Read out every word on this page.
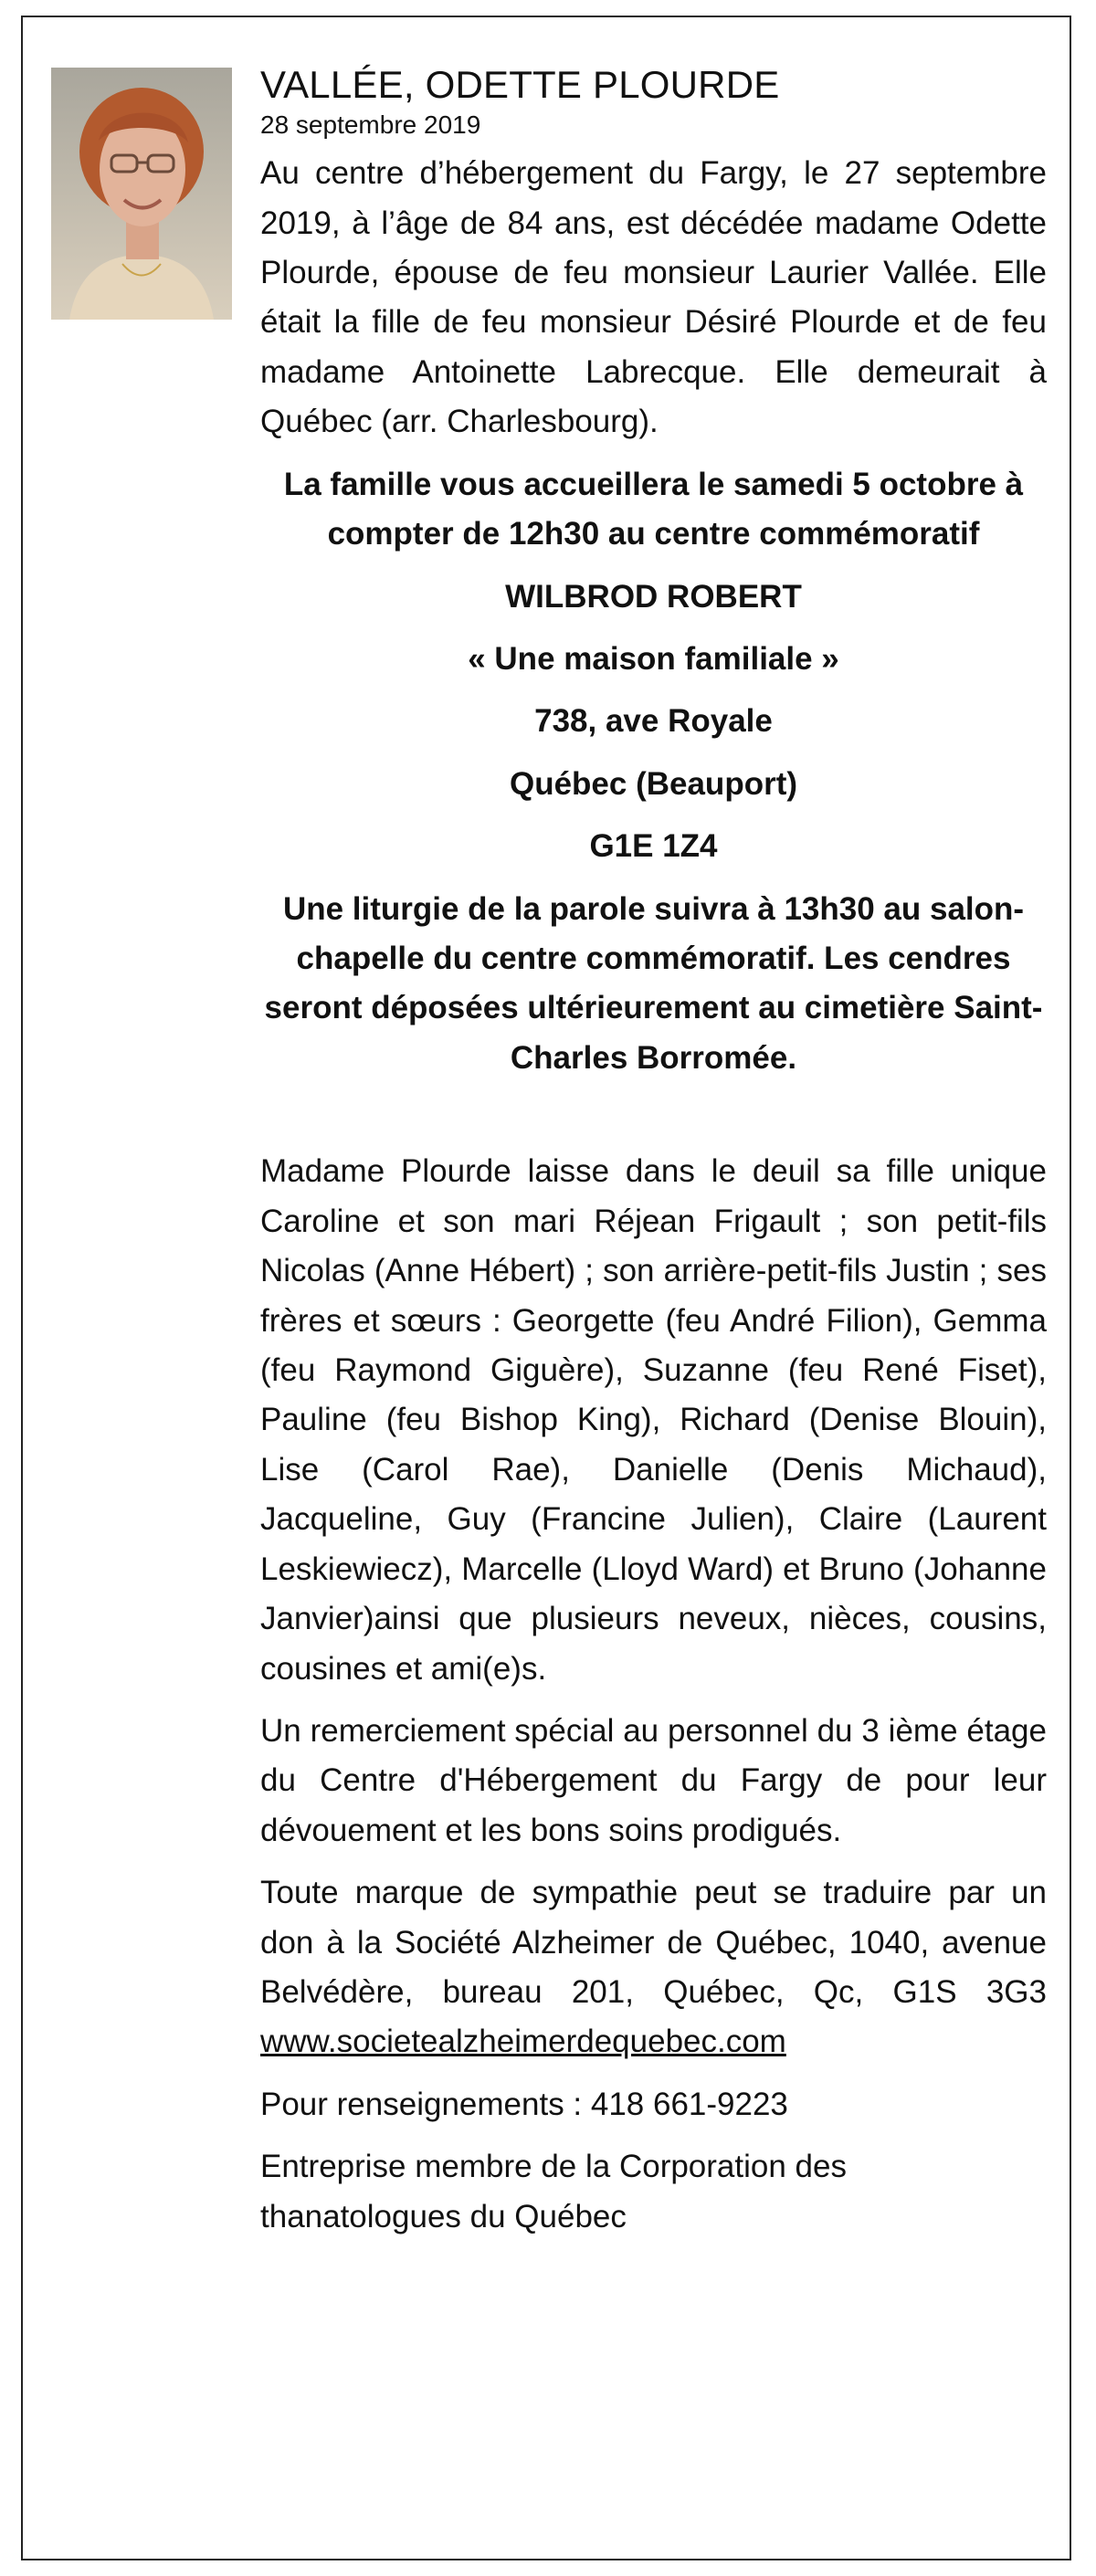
VALLÉE, ODETTE PLOURDE
28 septembre 2019

Au centre d’hébergement du Fargy, le 27 septembre 2019, à l’âge de 84 ans, est décédée madame Odette Plourde, épouse de feu monsieur Laurier Vallée. Elle était la fille de feu monsieur Désiré Plourde et de feu madame Antoinette Labrecque. Elle demeurait à Québec (arr. Charlesbourg).

La famille vous accueillera le samedi 5 octobre à compter de 12h30 au centre commémoratif

WILBROD ROBERT

« Une maison familiale »

738, ave Royale

Québec (Beauport)

G1E 1Z4

Une liturgie de la parole suivra à 13h30 au salon-chapelle du centre commémoratif. Les cendres seront déposées ultérieurement au cimetière Saint-Charles Borromée.

Madame Plourde laisse dans le deuil sa fille unique Caroline et son mari Réjean Frigault ; son petit-fils Nicolas (Anne Hébert) ; son arrière-petit-fils Justin ; ses frères et sœurs : Georgette (feu André Filion), Gemma (feu Raymond Giguère), Suzanne (feu René Fiset), Pauline (feu Bishop King), Richard (Denise Blouin), Lise (Carol Rae), Danielle (Denis Michaud), Jacqueline, Guy (Francine Julien), Claire (Laurent Leskiewiecz), Marcelle (Lloyd Ward) et Bruno (Johanne Janvier)ainsi que plusieurs neveux, nièces, cousins, cousines et ami(e)s.

Un remerciement spécial au personnel du 3 ième étage du Centre d'Hébergement du Fargy de pour leur dévouement et les bons soins prodigués.

Toute marque de sympathie peut se traduire par un don à la Société Alzheimer de Québec, 1040, avenue Belvédère, bureau 201, Québec, Qc, G1S 3G3 www.societealzheimerdequebec.com

Pour renseignements : 418 661-9223

Entreprise membre de la Corporation des thanatologues du Québec
